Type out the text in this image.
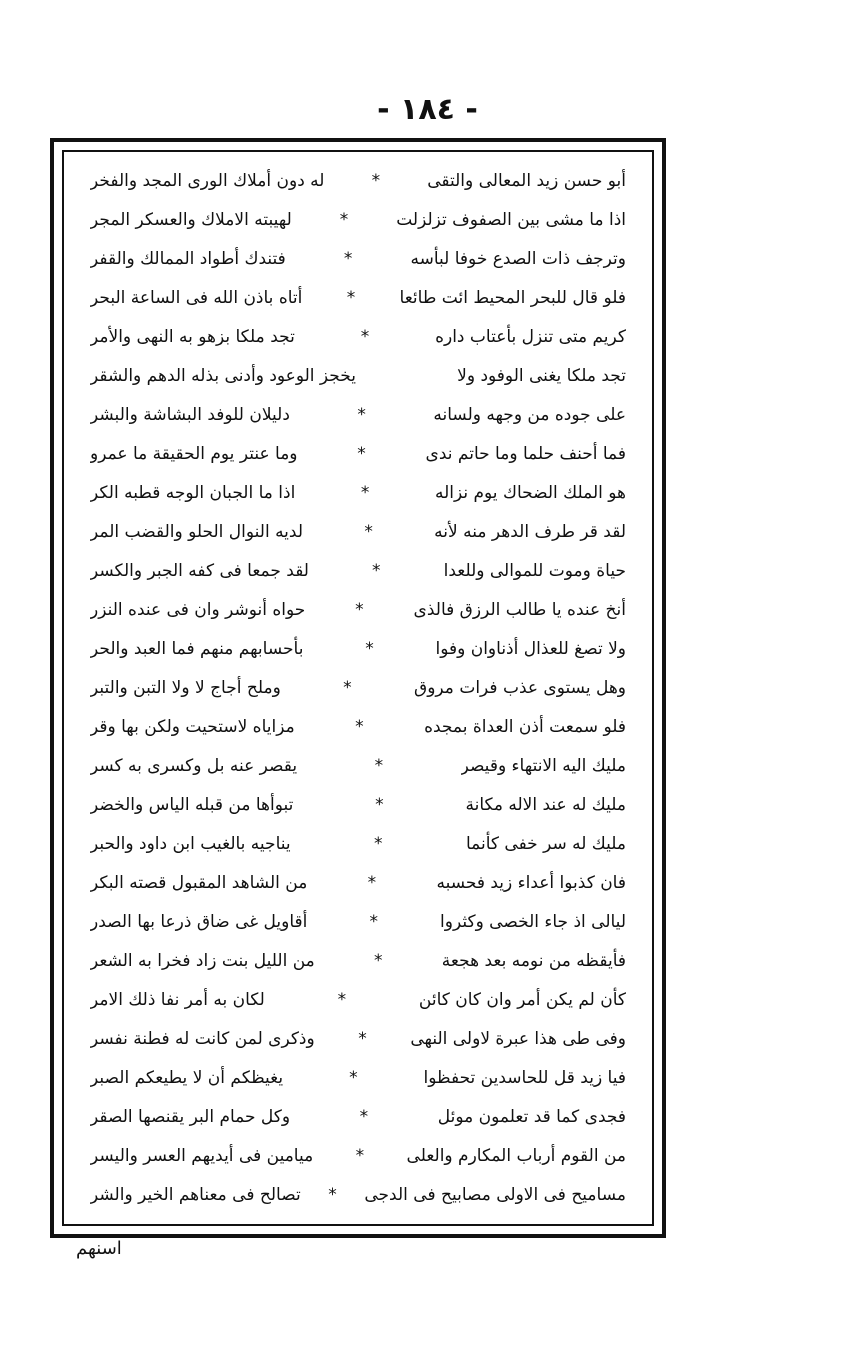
- ١٨٤ -
أبو حسن زيد المعالى والتقى
*
له دون أملاك الورى المجد والفخر
اذا ما مشى بين الصفوف تزلزلت
*
لهيبته الاملاك والعسكر المجر
وترجف ذات الصدع خوفا لبأسه
*
فتندك أطواد الممالك والقفر
فلو قال للبحر المحيط ائت طائعا
*
أتاه باذن الله فى الساعة البحر
كريم متى تنزل بأعتاب داره
*
تجد ملكا بزهو به النهى والأمر
تجد ملكا يغنى الوفود ولا
يخجز الوعود وأدنى بذله الدهم والشقر
على جوده من وجهه ولسانه
*
دليلان للوفد البشاشة والبشر
فما أحنف حلما وما حاتم ندى
*
وما عنتر يوم الحقيقة ما عمرو
هو الملك الضحاك يوم نزاله
*
اذا ما الجبان الوجه قطبه الكر
لقد قر طرف الدهر منه لأنه
*
لديه النوال الحلو والقضب المر
حياة وموت للموالى وللعدا
*
لقد جمعا فى كفه الجبر والكسر
أنخ عنده يا طالب الرزق فالذى
*
حواه أنوشر وان فى عنده النزر
ولا تصغ للعذال أذناوان وفوا
*
بأحسابهم منهم فما العبد والحر
وهل يستوى عذب فرات مروق
*
وملح أجاج لا ولا التبن والتبر
فلو سمعت أذن العداة بمجده
*
مزاياه لاستحيت ولكن بها وقر
مليك اليه الانتهاء وقيصر
*
يقصر عنه بل وكسرى به كسر
مليك له عند الاله مكانة
*
تبوأها من قبله الياس والخضر
مليك له سر خفى كأنما
*
يناجيه بالغيب ابن داود والحبر
فان كذبوا أعداء زيد فحسبه
*
من الشاهد المقبول قصته البكر
ليالى اذ جاء الخصى وكثروا
*
أقاويل غى ضاق ذرعا بها الصدر
فأيقظه من نومه بعد هجعة
*
من الليل بنت زاد فخرا به الشعر
كأن لم يكن أمر وان كان كائن
*
لكان به أمر نفا ذلك الامر
وفى طى هذا عبرة لاولى النهى
*
وذكرى لمن كانت له فطنة نفسر
فيا زيد قل للحاسدين تحفظوا
*
يغيظكم أن لا يطيعكم الصبر
فجدى كما قد تعلمون موئل
*
وكل حمام البر يقنصها الصقر
من القوم أرباب المكارم والعلى
*
ميامين فى أيديهم العسر واليسر
مساميح فى الاولى مصابيح فى الدجى
*
تصالح فى معناهم الخير والشر
اسنهم
